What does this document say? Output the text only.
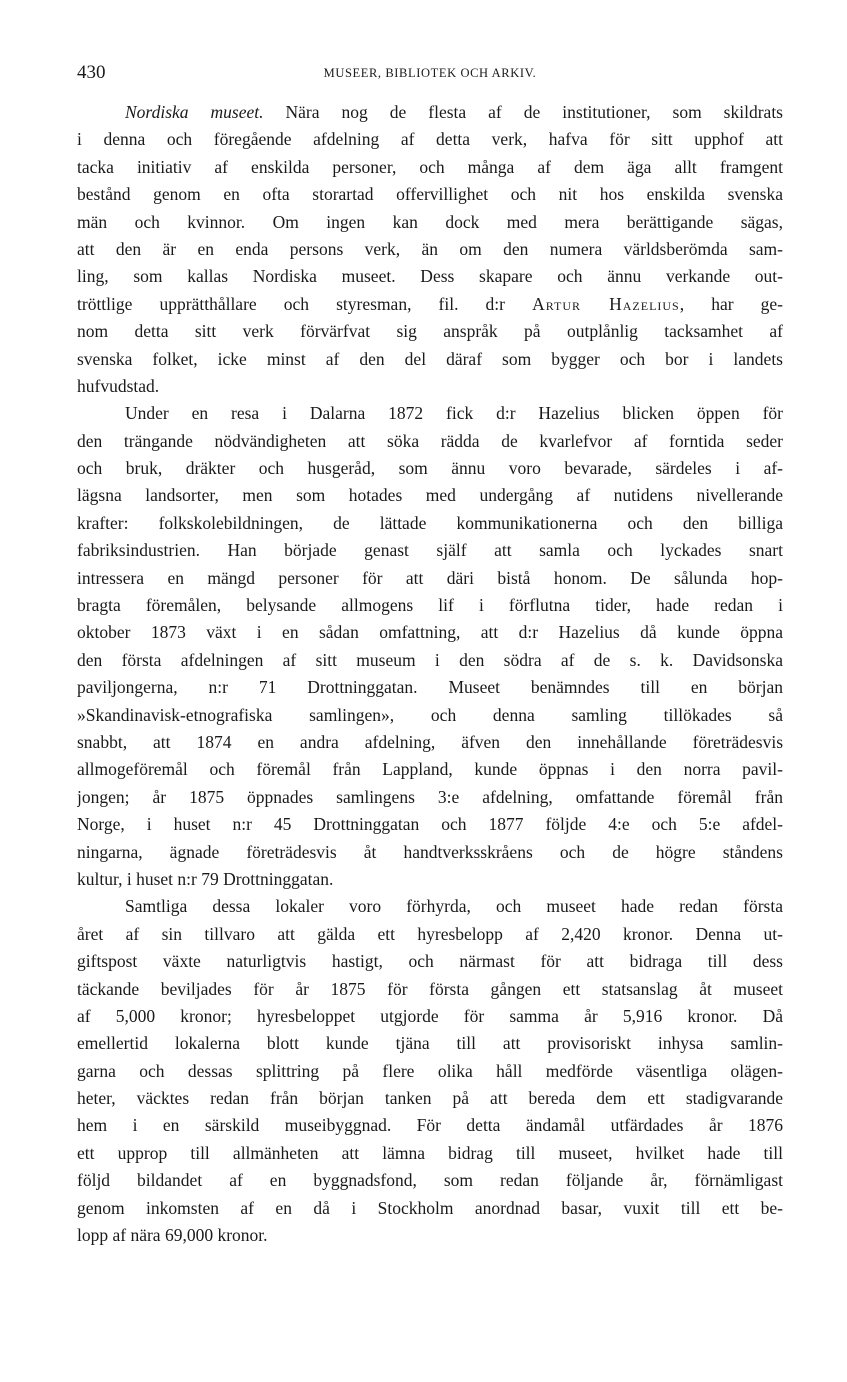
430	MUSEER, BIBLIOTEK OCH ARKIV.
Nordiska museet. Nära nog de flesta af de institutioner, som skildrats
i denna och föregående afdelning af detta verk, hafva för sitt upphof att
tacka initiativ af enskilda personer, och många af dem äga allt framgent
bestånd genom en ofta storartad offervillighet och nit hos enskilda svenska
män och kvinnor. Om ingen kan dock med mera berättigande sägas,
att den är en enda persons verk, än om den numera världsberömda sam-
ling, som kallas Nordiska museet. Dess skapare och ännu verkande out-
tröttlige upprätthållare och styresman, fil. d:r Artur Hazelius, har ge-
nom detta sitt verk förvärfvat sig anspråk på outplånlig tacksamhet af
svenska folket, icke minst af den del däraf som bygger och bor i landets
hufvudstad.
Under en resa i Dalarna 1872 fick d:r Hazelius blicken öppen för
den trängande nödvändigheten att söka rädda de kvarlefvor af forntida seder
och bruk, dräkter och husgeråd, som ännu voro bevarade, särdeles i af-
lägsna landsorter, men som hotades med undergång af nutidens nivellerande
krafter: folkskolebildningen, de lättade kommunikationerna och den billiga
fabriksindustrien. Han började genast själf att samla och lyckades snart
intressera en mängd personer för att däri bistå honom. De sålunda hop-
bragta föremålen, belysande allmogens lif i förflutna tider, hade redan i
oktober 1873 växt i en sådan omfattning, att d:r Hazelius då kunde öppna
den första afdelningen af sitt museum i den södra af de s. k. Davidsonska
paviljongerna, n:r 71 Drottninggatan. Museet benämndes till en början
»Skandinavisk-etnografiska samlingen», och denna samling tillökades så
snabbt, att 1874 en andra afdelning, äfven den innehållande företrädesvis
allmogeföremål och föremål från Lappland, kunde öppnas i den norra pavil-
jongen; år 1875 öppnades samlingens 3:e afdelning, omfattande föremål från
Norge, i huset n:r 45 Drottninggatan och 1877 följde 4:e och 5:e afdel-
ningarna, ägnade företrädesvis åt handtverksskråens och de högre ståndens
kultur, i huset n:r 79 Drottninggatan.
Samtliga dessa lokaler voro förhyrda, och museet hade redan första
året af sin tillvaro att gälda ett hyresbelopp af 2,420 kronor. Denna ut-
giftspost växte naturligtvis hastigt, och närmast för att bidraga till dess
täckande beviljades för år 1875 för första gången ett statsanslag åt museet
af 5,000 kronor; hyresbeloppet utgjorde för samma år 5,916 kronor. Då
emellertid lokalerna blott kunde tjäna till att provisoriskt inhysa samlin-
garna och dessas splittring på flere olika håll medförde väsentliga olägen-
heter, väcktes redan från början tanken på att bereda dem ett stadigvarande
hem i en särskild museibyggnad. För detta ändamål utfärdades år 1876
ett upprop till allmänheten att lämna bidrag till museet, hvilket hade till
följd bildandet af en byggnadsfond, som redan följande år, förnämligast
genom inkomsten af en då i Stockholm anordnad basar, vuxit till ett be-
lopp af nära 69,000 kronor.
